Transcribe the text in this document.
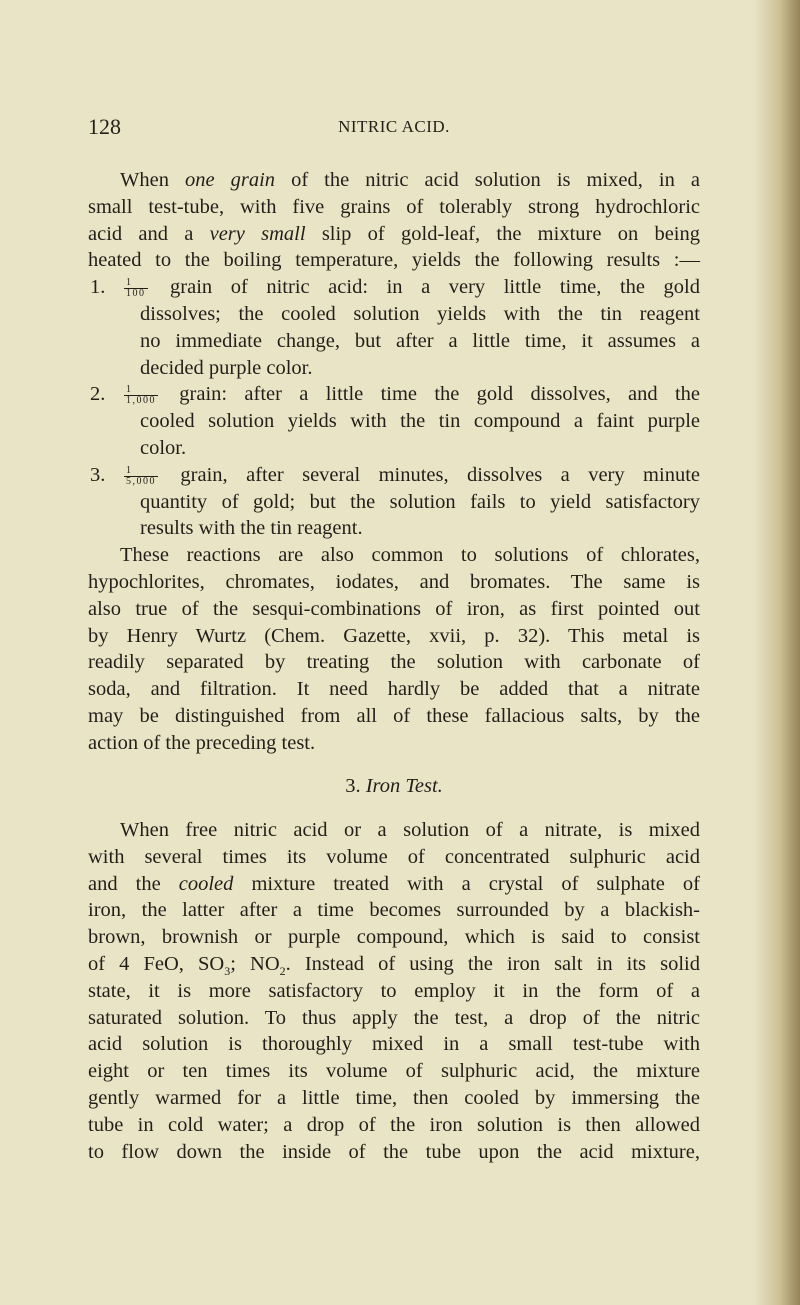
128	NITRIC ACID.
When one grain of the nitric acid solution is mixed, in a
small test-tube, with five grains of tolerably strong hydrochloric
acid and a very small slip of gold-leaf, the mixture on being
heated to the boiling temperature, yields the following results :—
1. $\frac{1}{100}$ grain of nitric acid: in a very little time, the gold
dissolves; the cooled solution yields with the tin reagent
no immediate change, but after a little time, it assumes a
decided purple color.
2. $\frac{1}{1,000}$ grain: after a little time the gold dissolves, and the
cooled solution yields with the tin compound a faint purple
color.
3. $\frac{1}{5,000}$ grain, after several minutes, dissolves a very minute
quantity of gold; but the solution fails to yield satisfactory
results with the tin reagent.
These reactions are also common to solutions of chlorates,
hypochlorites, chromates, iodates, and bromates. The same is
also true of the sesqui-combinations of iron, as first pointed out
by Henry Wurtz (Chem. Gazette, xvii, p. 32). This metal is
readily separated by treating the solution with carbonate of
soda, and filtration. It need hardly be added that a nitrate
may be distinguished from all of these fallacious salts, by the
action of the preceding test.
3. Iron Test.
When free nitric acid or a solution of a nitrate, is mixed
with several times its volume of concentrated sulphuric acid
and the cooled mixture treated with a crystal of sulphate of
iron, the latter after a time becomes surrounded by a blackish-
brown, brownish or purple compound, which is said to consist
of 4 FeO, $SO_3$; $NO_2$. Instead of using the iron salt in its solid
state, it is more satisfactory to employ it in the form of a
saturated solution. To thus apply the test, a drop of the nitric
acid solution is thoroughly mixed in a small test-tube with
eight or ten times its volume of sulphuric acid, the mixture
gently warmed for a little time, then cooled by immersing the
tube in cold water; a drop of the iron solution is then allowed
to flow down the inside of the tube upon the acid mixture,
